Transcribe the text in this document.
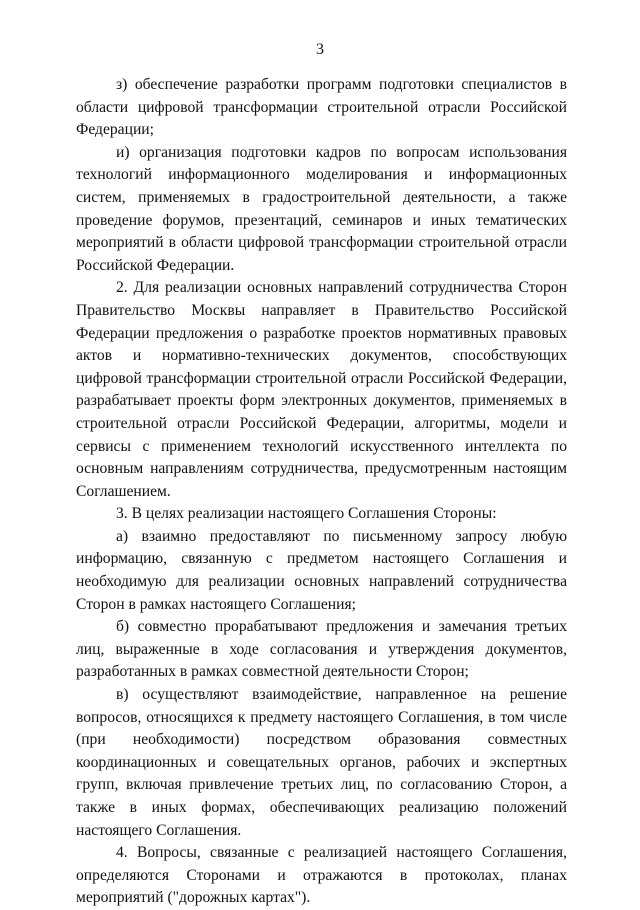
3

з) обеспечение разработки программ подготовки специалистов в области цифровой трансформации строительной отрасли Российской Федерации;

и) организация подготовки кадров по вопросам использования технологий информационного моделирования и информационных систем, применяемых в градостроительной деятельности, а также проведение форумов, презентаций, семинаров и иных тематических мероприятий в области цифровой трансформации строительной отрасли Российской Федерации.

2. Для реализации основных направлений сотрудничества Сторон Правительство Москвы направляет в Правительство Российской Федерации предложения о разработке проектов нормативных правовых актов и нормативно-технических документов, способствующих цифровой трансформации строительной отрасли Российской Федерации, разрабатывает проекты форм электронных документов, применяемых в строительной отрасли Российской Федерации, алгоритмы, модели и сервисы с применением технологий искусственного интеллекта по основным направлениям сотрудничества, предусмотренным настоящим Соглашением.

3. В целях реализации настоящего Соглашения Стороны:

а) взаимно предоставляют по письменному запросу любую информацию, связанную с предметом настоящего Соглашения и необходимую для реализации основных направлений сотрудничества Сторон в рамках настоящего Соглашения;

б) совместно прорабатывают предложения и замечания третьих лиц, выраженные в ходе согласования и утверждения документов, разработанных в рамках совместной деятельности Сторон;

в) осуществляют взаимодействие, направленное на решение вопросов, относящихся к предмету настоящего Соглашения, в том числе (при необходимости) посредством образования совместных координационных и совещательных органов, рабочих и экспертных групп, включая привлечение третьих лиц, по согласованию Сторон, а также в иных формах, обеспечивающих реализацию положений настоящего Соглашения.

4. Вопросы, связанные с реализацией настоящего Соглашения, определяются Сторонами и отражаются в протоколах, планах мероприятий ("дорожных картах").
